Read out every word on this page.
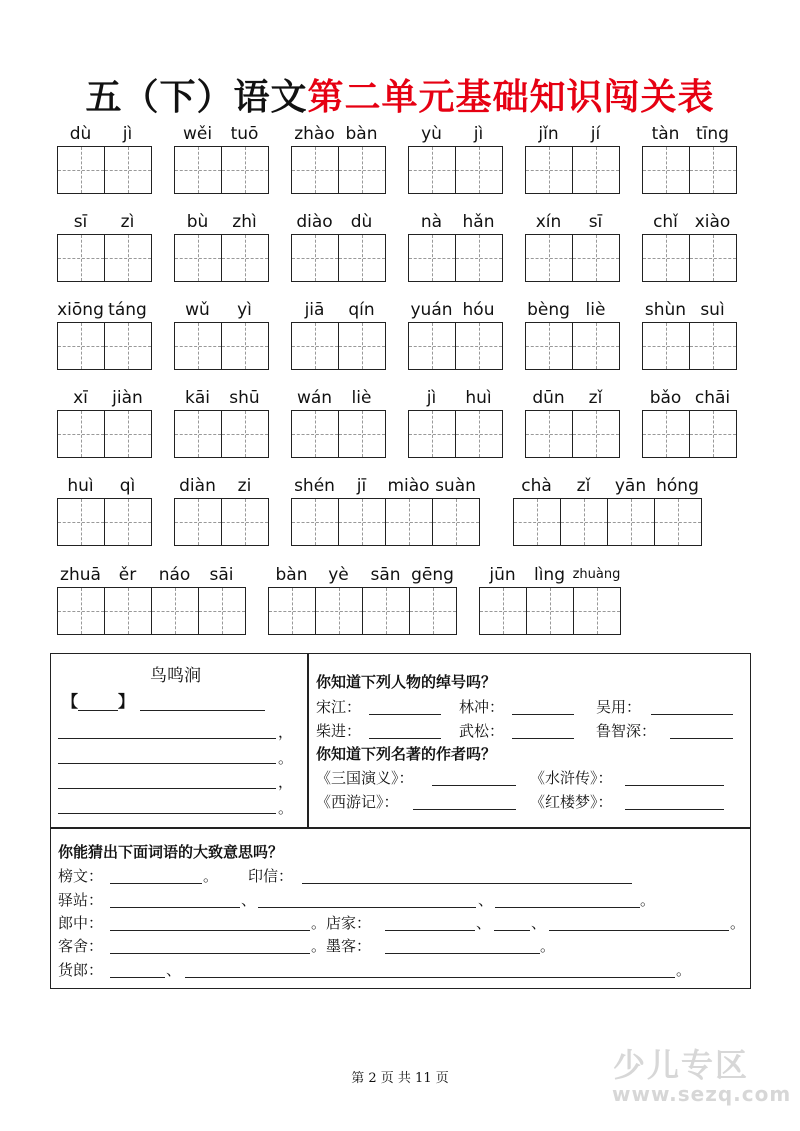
五（下）语文第二单元基础知识闯关表
dù	jì	wěi	tuō	zhào bàn	yù	jì	jǐn	jí	tàn tīng
sī	zì	bù	zhì	diào	dù	nà	hǎn	xín	sī	chǐ xiào
xiōng táng	wǔ	yì	jiā	qín	yuán hóu	bèng liè	shùn suì
xī	jiàn	kāi	shū	wán	liè	jì	huì	dūn	zǐ	bǎo chāi
huì	qì	diàn	zi	shén	jī	miào suàn	chà	zǐ	yān hóng
zhuā	ěr	náo	sāi	bàn	yè	sān gēng	jūn	lìng zhuàng
鸟鸣涧
【 】
，
。
，
。
你知道下列人物的绰号吗？
宋江：	林冲：	吴用：
柴进：	武松：	鲁智深：
你知道下列名著的作者吗？
《三国演义》：	《水浒传》：
《西游记》：	《红楼梦》：
你能猜出下面词语的大致意思吗？
榜文：	。 印信：
驿站：	、	、	。
郎中：	。店家：	、	、	。
客舍：	。墨客：	。
货郎：	、	。
第 2 页 共 11 页	少儿专区
www.sezq.com
